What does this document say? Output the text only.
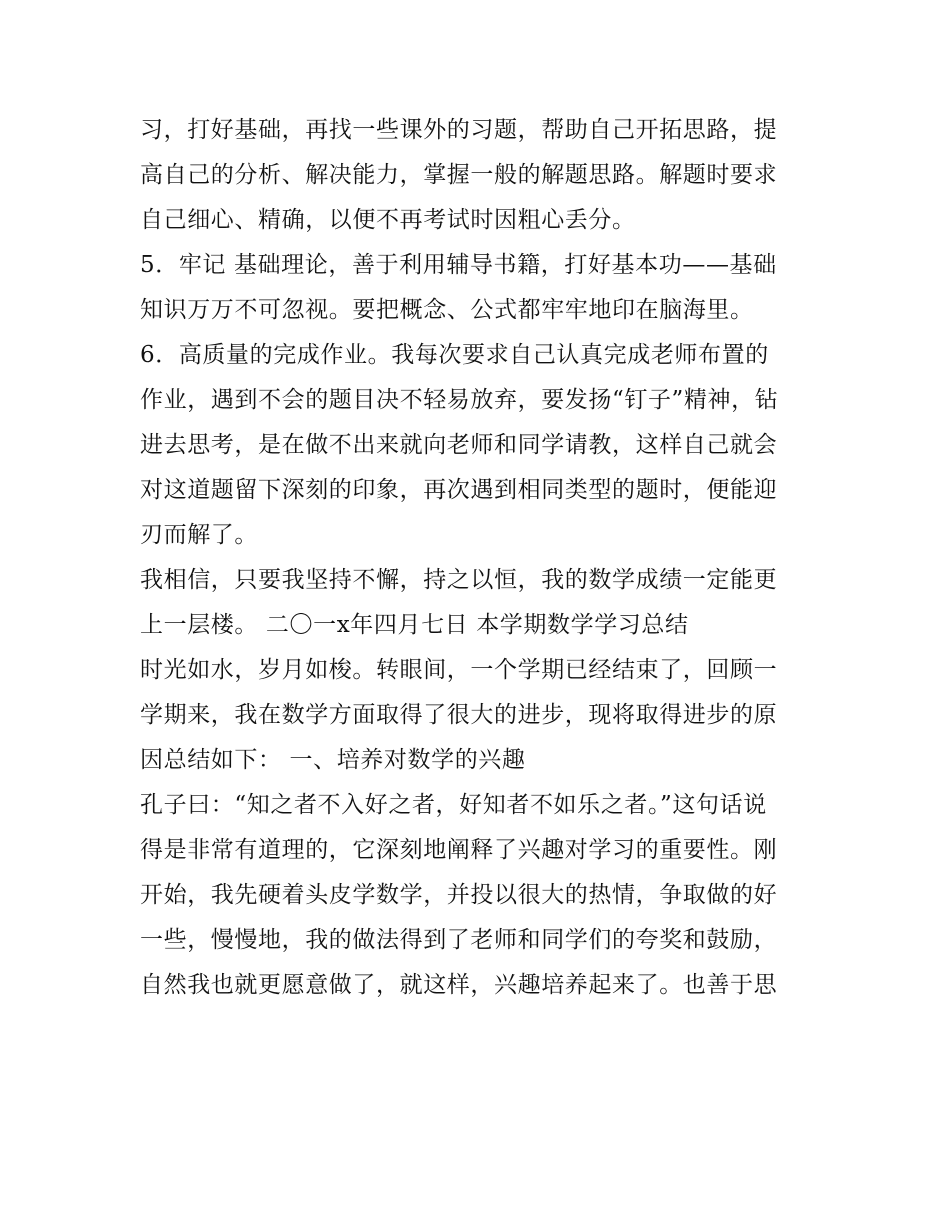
习，打好基础，再找一些课外的习题，帮助自己开拓思路，提
高自己的分析、解决能力，掌握一般的解题思路。解题时要求
自己细心、精确，以便不再考试时因粗心丢分。
5．牢记 基础理论，善于利用辅导书籍，打好基本功——基础
知识万万不可忽视。要把概念、公式都牢牢地印在脑海里。
6．高质量的完成作业。我每次要求自己认真完成老师布置的
作业，遇到不会的题目决不轻易放弃，要发扬“钉子”精神，钻
进去思考，是在做不出来就向老师和同学请教，这样自己就会
对这道题留下深刻的印象，再次遇到相同类型的题时，便能迎
刃而解了。
我相信，只要我坚持不懈，持之以恒，我的数学成绩一定能更
上一层楼。 二〇一x年四月七日 本学期数学学习总结
时光如水，岁月如梭。转眼间，一个学期已经结束了，回顾一
学期来，我在数学方面取得了很大的进步，现将取得进步的原
因总结如下： 一、培养对数学的兴趣
孔子曰：“知之者不入好之者，好知者不如乐之者。”这句话说
得是非常有道理的，它深刻地阐释了兴趣对学习的重要性。刚
开始，我先硬着头皮学数学，并投以很大的热情，争取做的好
一些，慢慢地，我的做法得到了老师和同学们的夸奖和鼓励，
自然我也就更愿意做了，就这样，兴趣培养起来了。也善于思
